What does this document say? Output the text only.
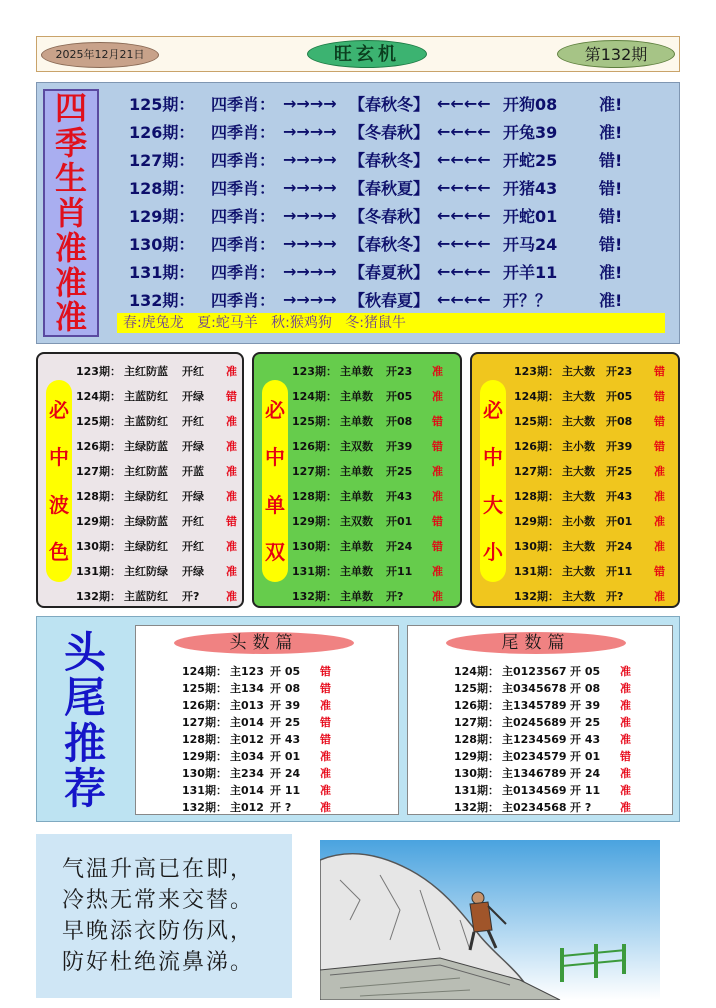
2025年12月21日	旺玄机	第132期
四
季
生
肖
准
准
准
125期：	四季肖： →→→→ 【春秋冬】 ←←←← 开狗08	准!
126期：	四季肖： →→→→ 【冬春秋】 ←←←← 开兔39	准!
127期：	四季肖： →→→→ 【春秋冬】 ←←←← 开蛇25	错!
128期：	四季肖： →→→→ 【春秋夏】 ←←←← 开猪43	错!
129期：	四季肖： →→→→ 【冬春秋】 ←←←← 开蛇01	错!
130期：	四季肖： →→→→ 【春秋冬】 ←←←← 开马24	错!
131期：	四季肖： →→→→ 【春夏秋】 ←←←← 开羊11	准!
132期：	四季肖： →→→→ 【秋春夏】 ←←←← 开？？	准!
春:虎兔龙   夏:蛇马羊   秋:猴鸡狗   冬:猪鼠牛
必
中
波
色
123期： 主红防蓝	开红	准
124期： 主蓝防红	开绿	错
125期： 主蓝防红	开红	准
126期： 主绿防蓝	开绿	准
127期： 主红防蓝	开蓝	准
128期： 主绿防红	开绿	准
129期： 主绿防蓝	开红	错
130期： 主绿防红	开红	准
131期： 主红防绿	开绿	准
132期： 主蓝防红	开?	准
必
中
单
双
123期： 主单数	开23	准
124期： 主单数	开05	准
125期： 主单数	开08	错
126期： 主双数	开39	错
127期： 主单数	开25	准
128期： 主单数	开43	准
129期： 主双数	开01	错
130期： 主单数	开24	错
131期： 主单数	开11	准
132期： 主单数	开?	准
必
中
大
小
123期： 主大数	开23	错
124期： 主大数	开05	错
125期： 主大数	开08	错
126期： 主小数	开39	错
127期： 主大数	开25	准
128期： 主大数	开43	准
129期： 主小数	开01	准
130期： 主大数	开24	准
131期： 主大数	开11	错
132期： 主大数	开?	准
头
尾
推
荐
头数篇
124期： 主123 开 05	错
125期： 主134 开 08	错
126期： 主013 开 39	准
127期： 主014 开 25	错
128期： 主012 开 43	错
129期： 主034 开 01	准
130期： 主234 开 24	准
131期： 主014 开 11	准
132期： 主012 开 ?	准
尾数篇
124期： 主0123567 开 05	准
125期： 主0345678 开 08	准
126期： 主1345789 开 39	准
127期： 主0245689 开 25	准
128期： 主1234569 开 43	准
129期： 主0234579 开 01	错
130期： 主1346789 开 24	准
131期： 主0134569 开 11	准
132期： 主0234568 开 ?	准
气温升高已在即，
冷热无常来交替。
早晚添衣防伤风，
防好杜绝流鼻涕。
